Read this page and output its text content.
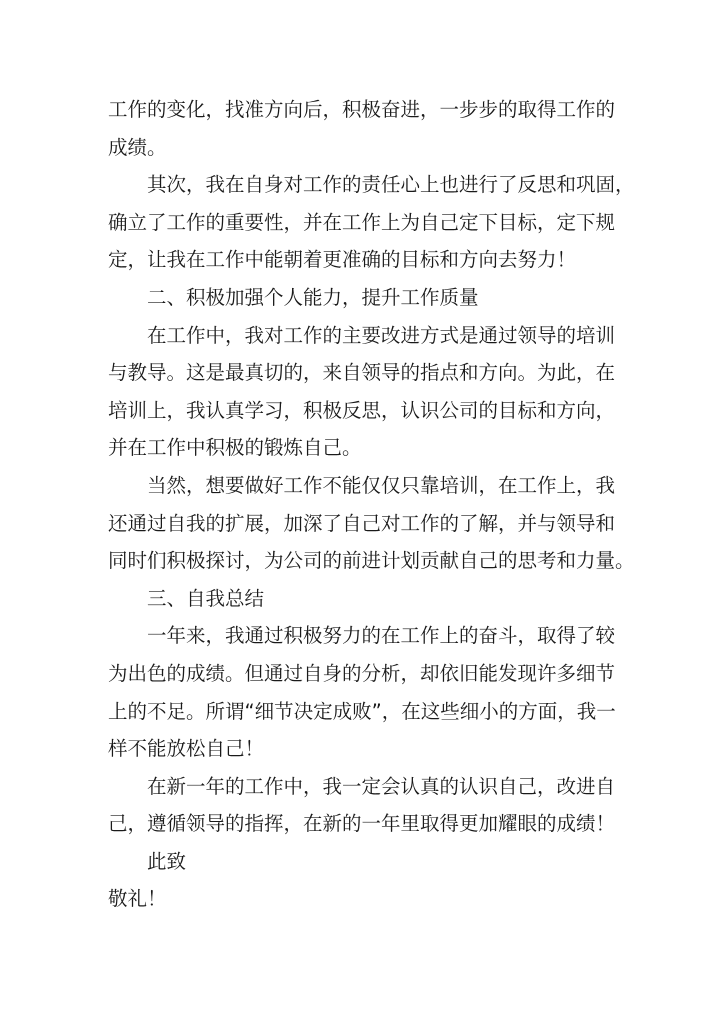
工作的变化，找准方向后，积极奋进，一步步的取得工作的
成绩。
其次，我在自身对工作的责任心上也进行了反思和巩固，
确立了工作的重要性，并在工作上为自己定下目标，定下规
定，让我在工作中能朝着更准确的目标和方向去努力！
二、积极加强个人能力，提升工作质量
在工作中，我对工作的主要改进方式是通过领导的培训
与教导。这是最真切的，来自领导的指点和方向。为此，在
培训上，我认真学习，积极反思，认识公司的目标和方向，
并在工作中积极的锻炼自己。
当然，想要做好工作不能仅仅只靠培训，在工作上，我
还通过自我的扩展，加深了自己对工作的了解，并与领导和
同时们积极探讨，为公司的前进计划贡献自己的思考和力量。
三、自我总结
一年来，我通过积极努力的在工作上的奋斗，取得了较
为出色的成绩。但通过自身的分析，却依旧能发现许多细节
上的不足。所谓“细节决定成败”，在这些细小的方面，我一
样不能放松自己！
在新一年的工作中，我一定会认真的认识自己，改进自
己，遵循领导的指挥，在新的一年里取得更加耀眼的成绩！
此致
敬礼！
